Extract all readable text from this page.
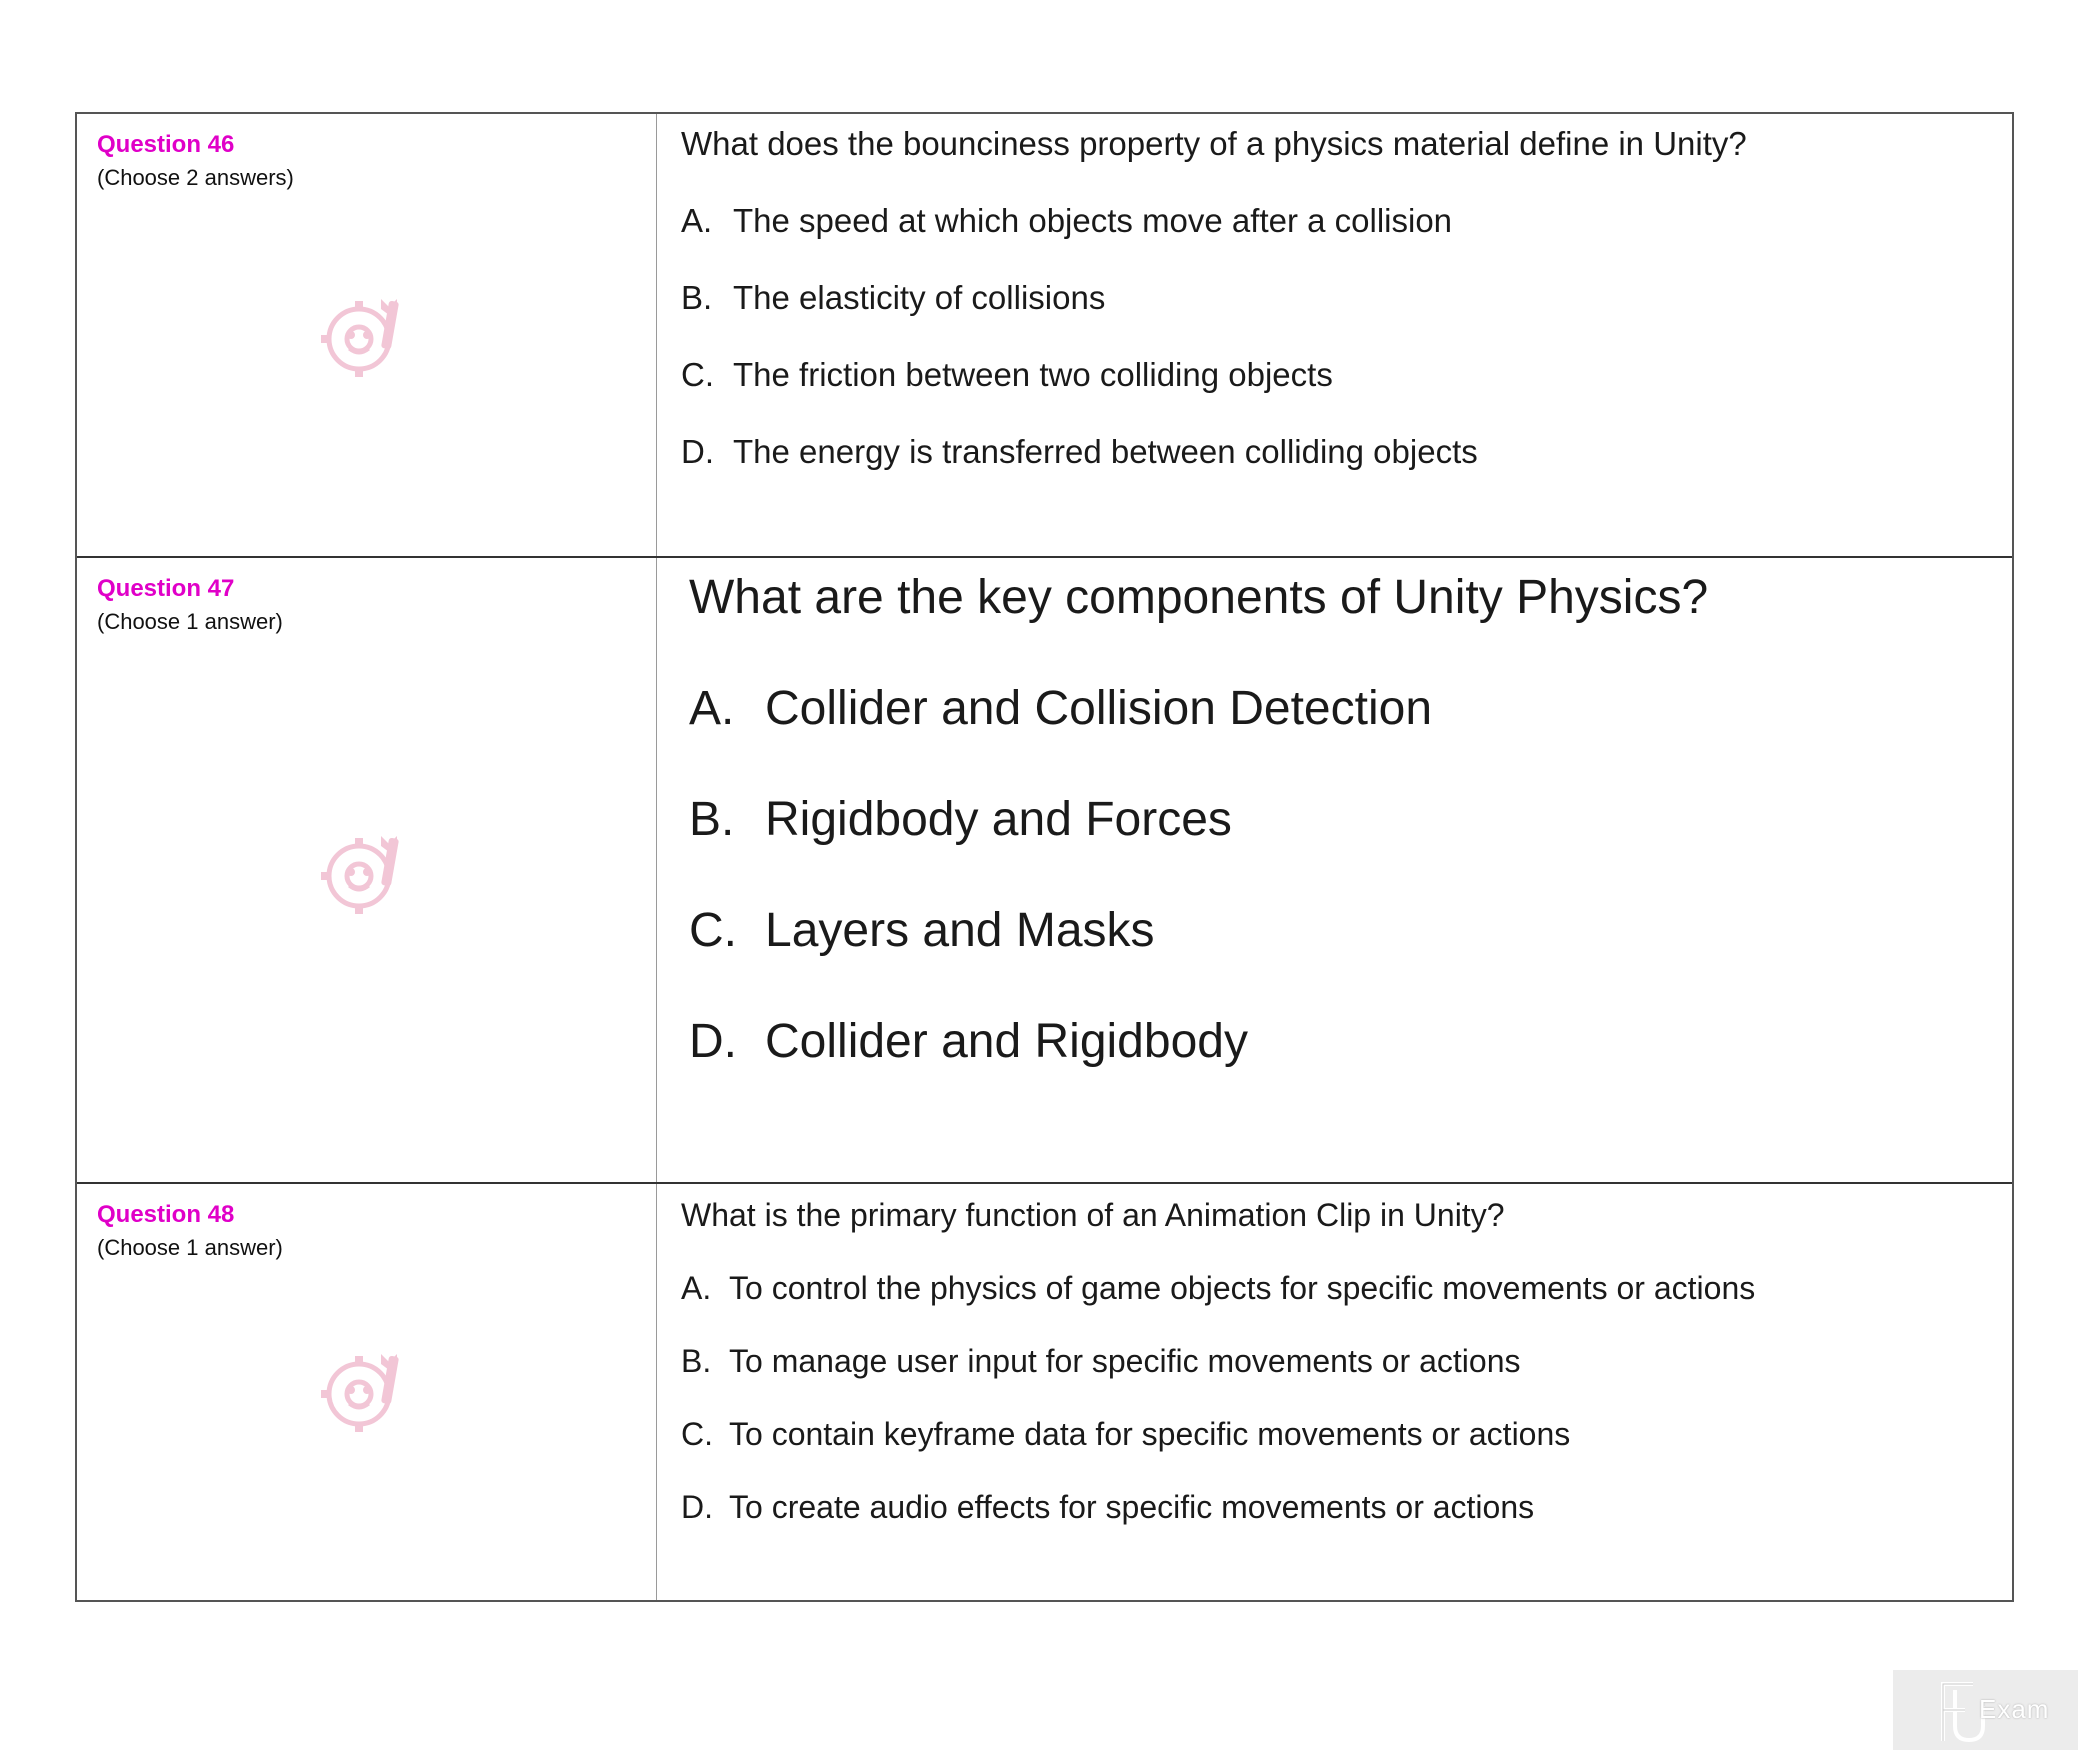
Question 46
(Choose 2 answers)

What does the bounciness property of a physics material define in Unity?

A. The speed at which objects move after a collision
B. The elasticity of collisions
C. The friction between two colliding objects
D. The energy is transferred between colliding objects
Question 47
(Choose 1 answer)	What are the key components of Unity Physics?

A. Collider and Collision Detection
B. Rigidbody and Forces
C. Layers and Masks
D. Collider and Rigidbody
Question 48
(Choose 1 answer)

What is the primary function of an Animation Clip in Unity?

A. To control the physics of game objects for specific movements or actions
B. To manage user input for specific movements or actions
C. To contain keyframe data for specific movements or actions
D. To create audio effects for specific movements or actions
Exam
